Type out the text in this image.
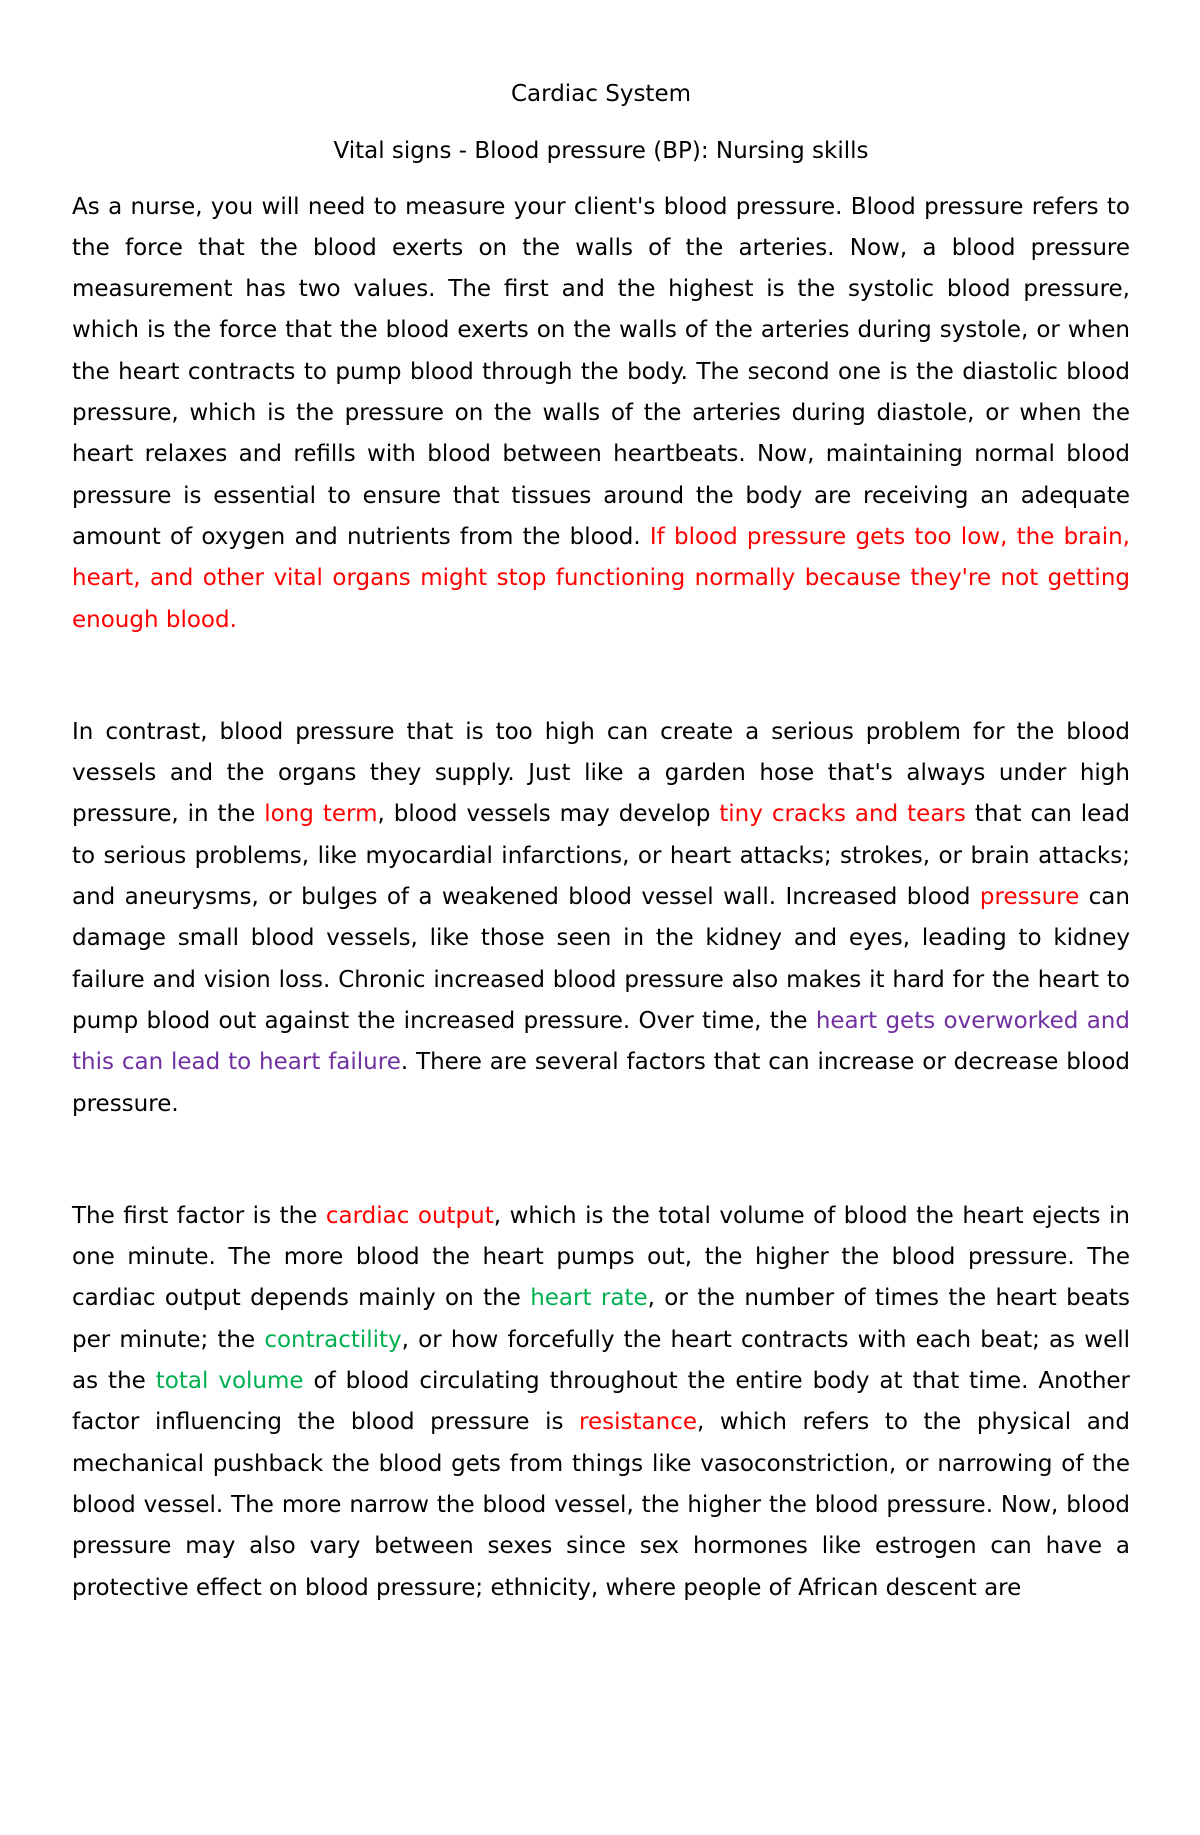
Cardiac System

Vital signs - Blood pressure (BP): Nursing skills

As a nurse, you will need to measure your client's blood pressure. Blood pressure refers to the force that the blood exerts on the walls of the arteries. Now, a blood pressure measurement has two values. The first and the highest is the systolic blood pressure, which is the force that the blood exerts on the walls of the arteries during systole, or when the heart contracts to pump blood through the body. The second one is the diastolic blood pressure, which is the pressure on the walls of the arteries during diastole, or when the heart relaxes and refills with blood between heartbeats. Now, maintaining normal blood pressure is essential to ensure that tissues around the body are receiving an adequate amount of oxygen and nutrients from the blood. If blood pressure gets too low, the brain, heart, and other vital organs might stop functioning normally because they're not getting enough blood.

In contrast, blood pressure that is too high can create a serious problem for the blood vessels and the organs they supply. Just like a garden hose that's always under high pressure, in the long term, blood vessels may develop tiny cracks and tears that can lead to serious problems, like myocardial infarctions, or heart attacks; strokes, or brain attacks; and aneurysms, or bulges of a weakened blood vessel wall. Increased blood pressure can damage small blood vessels, like those seen in the kidney and eyes, leading to kidney failure and vision loss. Chronic increased blood pressure also makes it hard for the heart to pump blood out against the increased pressure. Over time, the heart gets overworked and this can lead to heart failure. There are several factors that can increase or decrease blood pressure.

The first factor is the cardiac output, which is the total volume of blood the heart ejects in one minute. The more blood the heart pumps out, the higher the blood pressure. The cardiac output depends mainly on the heart rate, or the number of times the heart beats per minute; the contractility, or how forcefully the heart contracts with each beat; as well as the total volume of blood circulating throughout the entire body at that time. Another factor influencing the blood pressure is resistance, which refers to the physical and mechanical pushback the blood gets from things like vasoconstriction, or narrowing of the blood vessel. The more narrow the blood vessel, the higher the blood pressure. Now, blood pressure may also vary between sexes since sex hormones like estrogen can have a protective effect on blood pressure; ethnicity, where people of African descent are
